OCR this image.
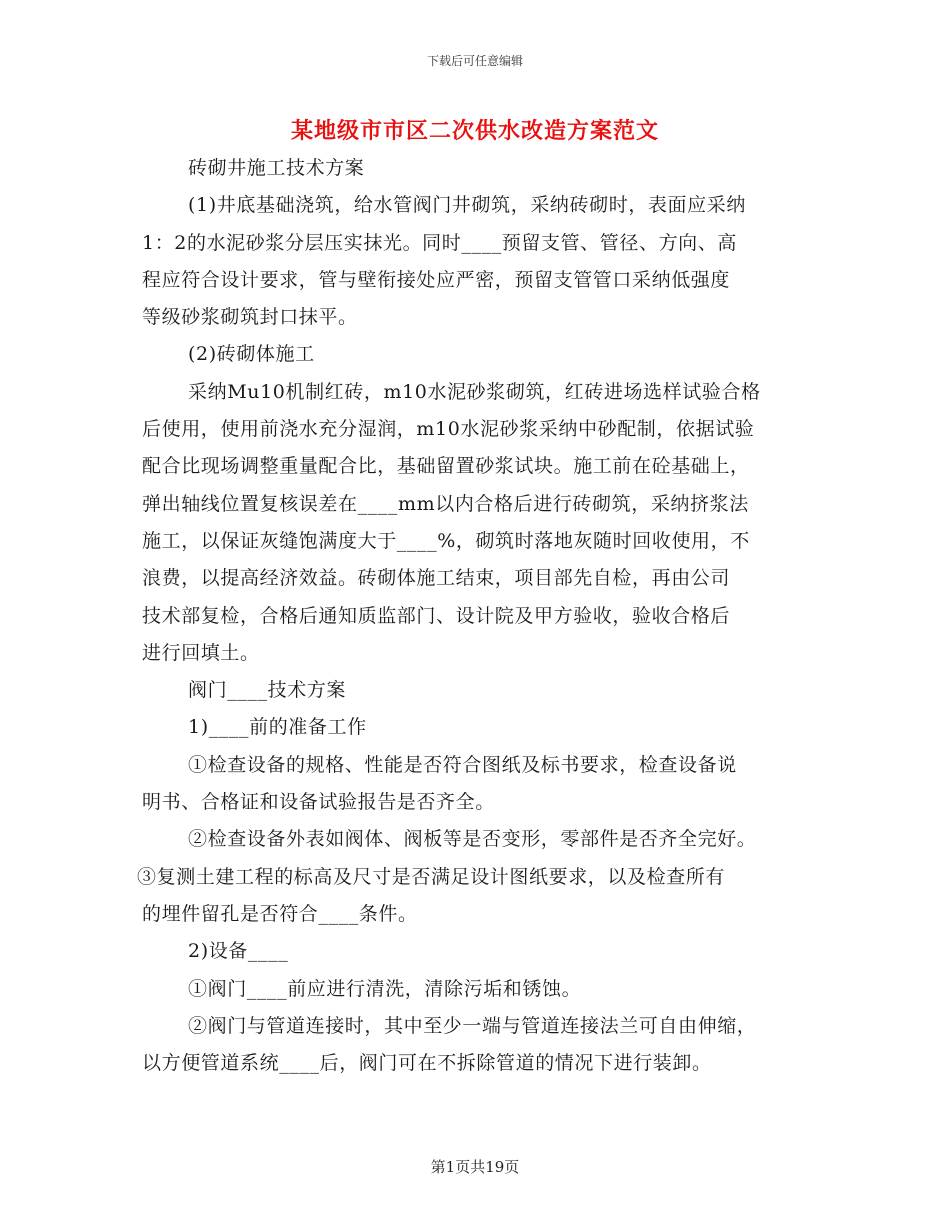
下载后可任意编辑
某地级市市区二次供水改造方案范文
砖砌井施工技术方案
(1)井底基础浇筑，给水管阀门井砌筑，采纳砖砌时，表面应采纳
1：2的水泥砂浆分层压实抹光。同时____预留支管、管径、方向、高
程应符合设计要求，管与壁衔接处应严密，预留支管管口采纳低强度
等级砂浆砌筑封口抹平。
(2)砖砌体施工
采纳Mu10机制红砖，m10水泥砂浆砌筑，红砖进场选样试验合格
后使用，使用前浇水充分湿润，m10水泥砂浆采纳中砂配制，依据试验
配合比现场调整重量配合比，基础留置砂浆试块。施工前在砼基础上，
弹出轴线位置复核误差在____mm以内合格后进行砖砌筑，采纳挤浆法
施工，以保证灰缝饱满度大于____%，砌筑时落地灰随时回收使用，不
浪费，以提高经济效益。砖砌体施工结束，项目部先自检，再由公司
技术部复检，合格后通知质监部门、设计院及甲方验收，验收合格后
进行回填土。
阀门____技术方案
1)____前的准备工作
①检查设备的规格、性能是否符合图纸及标书要求，检查设备说
明书、合格证和设备试验报告是否齐全。
②检查设备外表如阀体、阀板等是否变形，零部件是否齐全完好。
③复测土建工程的标高及尺寸是否满足设计图纸要求，以及检查所有
的埋件留孔是否符合____条件。
2)设备____
①阀门____前应进行清洗，清除污垢和锈蚀。
②阀门与管道连接时，其中至少一端与管道连接法兰可自由伸缩，
以方便管道系统____后，阀门可在不拆除管道的情况下进行装卸。
第1页共19页
